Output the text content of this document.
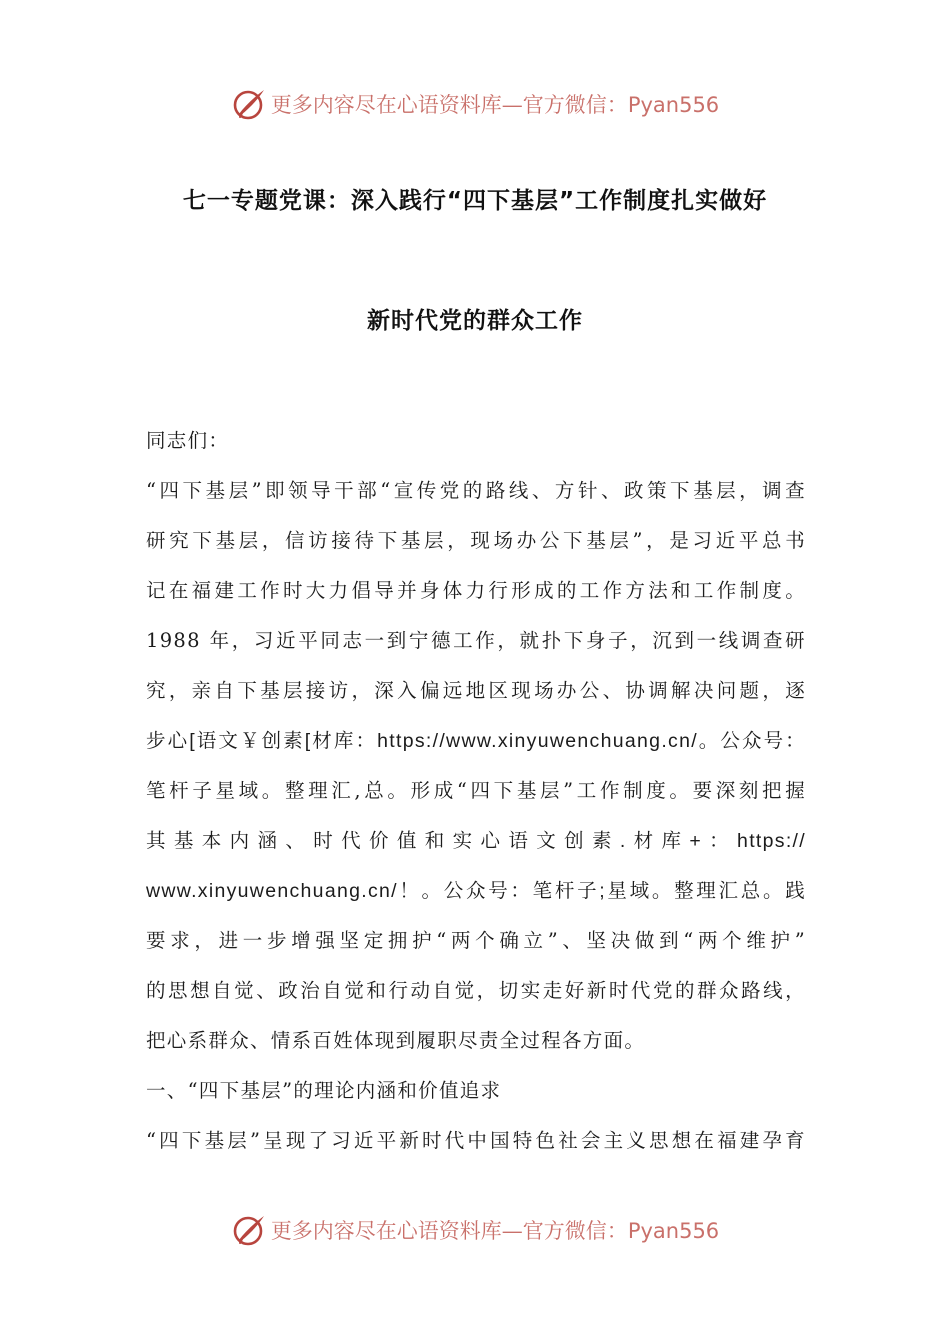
更多内容尽在心语资料库—官方微信：Pyan556
七一专题党课：深入践行“四下基层”工作制度扎实做好
新时代党的群众工作
同志们：
“四下基层”即领导干部“宣传党的路线、方针、政策下基层，调查
研究下基层，信访接待下基层，现场办公下基层”，是习近平总书
记在福建工作时大力倡导并身体力行形成的工作方法和工作制度。
1988 年，习近平同志一到宁德工作，就扑下身子，沉到一线调查研
究，亲自下基层接访，深入偏远地区现场办公、协调解决问题，逐
步心[语文￥创素[材库：https://www.xinyuwenchuang.cn/。公众号：
笔杆子星域。整理汇,总。形成“四下基层”工作制度。要深刻把握
其基本内涵、时代价值和实心语文创素.材库+：https://
www.xinyuwenchuang.cn/！。公众号：笔杆子;星域。整理汇总。践
要求，进一步增强坚定拥护“两个确立”、坚决做到“两个维护”
的思想自觉、政治自觉和行动自觉，切实走好新时代党的群众路线，
把心系群众、情系百姓体现到履职尽责全过程各方面。
一、“四下基层”的理论内涵和价值追求
“四下基层”呈现了习近平新时代中国特色社会主义思想在福建孕育
更多内容尽在心语资料库—官方微信：Pyan556
